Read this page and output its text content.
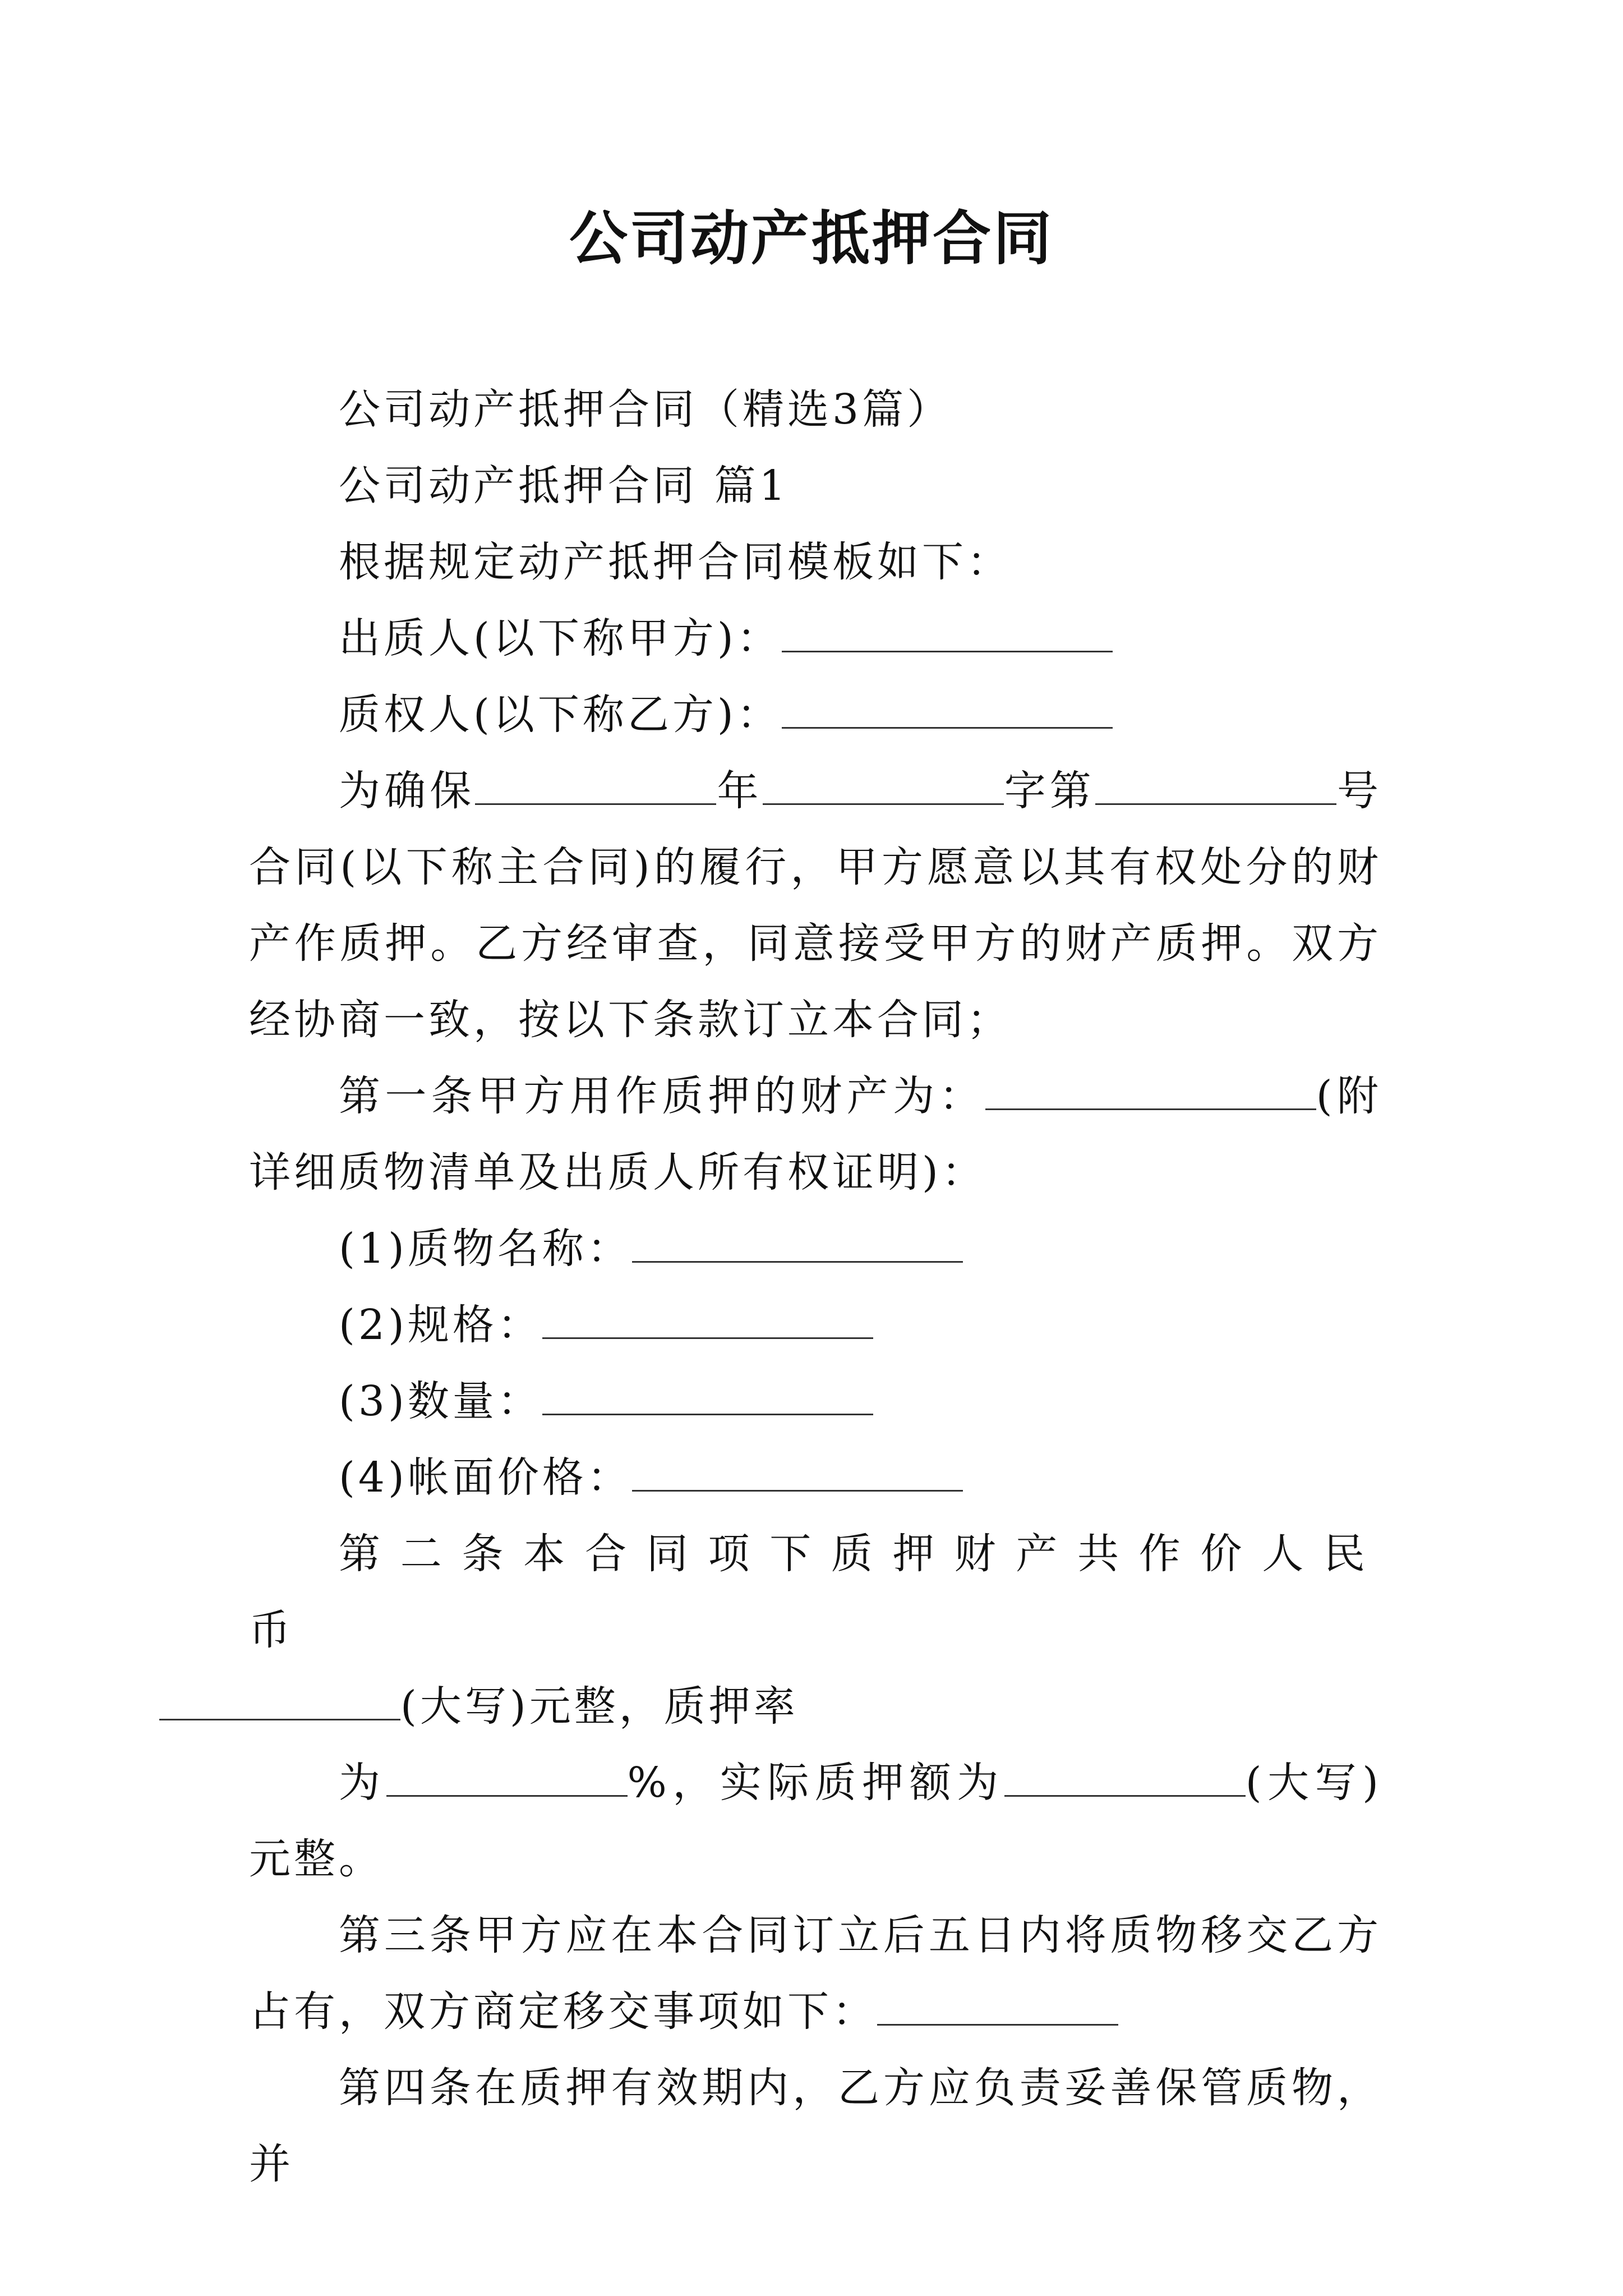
公司动产抵押合同

公司动产抵押合同（精选3篇）

公司动产抵押合同 篇1

根据规定动产抵押合同模板如下：

出质人(以下称甲方)：

质权人(以下称乙方)：

为确保	年	字第	号合同(以下称主合同)的履行，甲方愿意以其有权处分的财产作质押。乙方经审查，同意接受甲方的财产质押。双方经协商一致，按以下条款订立本合同；

第一条甲方用作质押的财产为：	(附详细质物清单及出质人所有权证明)：

(1)质物名称：

(2)规格：

(3)数量：

(4)帐面价格：

第二条本合同项下质押财产共作价人民币

(大写)元整，质押率

为	%，实际质押额为	(大写)元整。

第三条甲方应在本合同订立后五日内将质物移交乙方占有，双方商定移交事项如下：

第四条在质押有效期内，乙方应负责妥善保管质物，并
